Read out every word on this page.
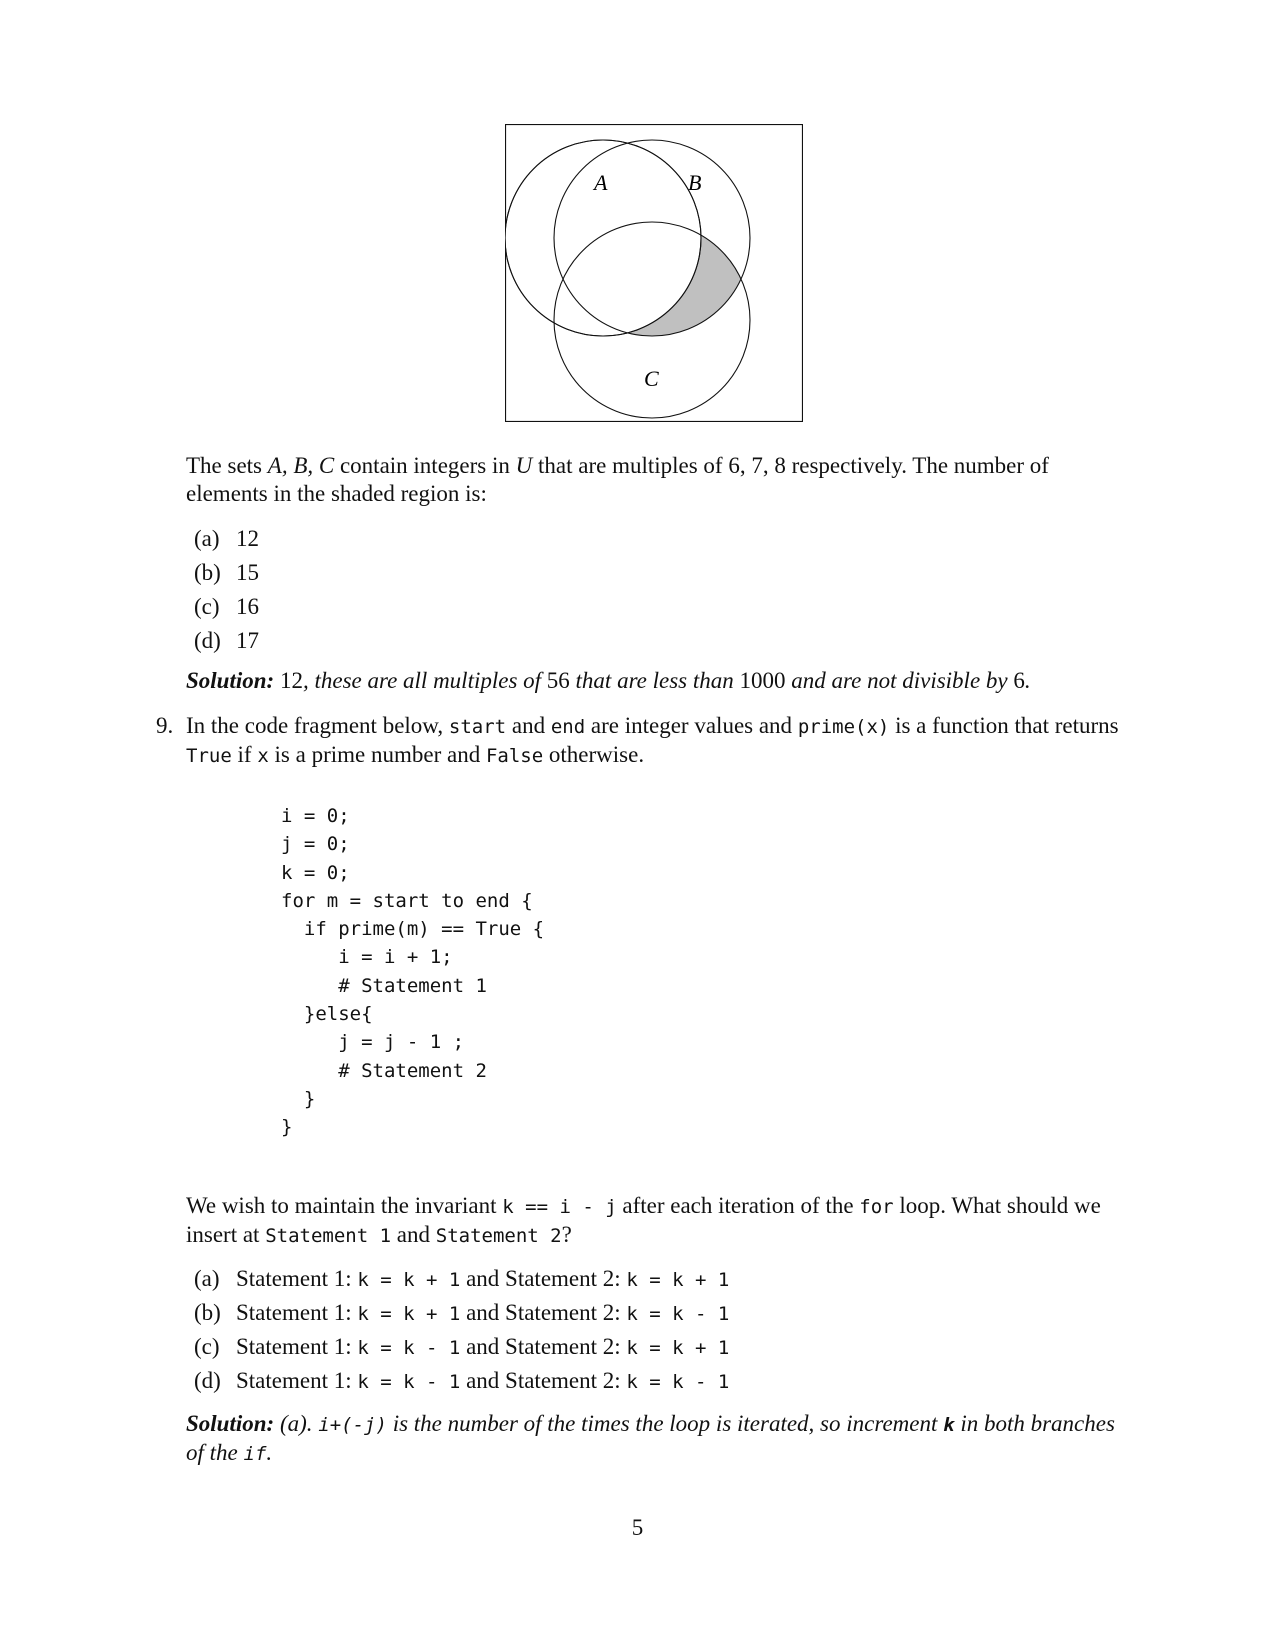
A	B
C
The sets A, B, C contain integers in U that are multiples of 6, 7, 8 respectively. The number of elements in the shaded region is:
(a) 12
(b) 15
(c) 16
(d) 17
Solution: 12, these are all multiples of 56 that are less than 1000 and are not divisible by 6.
9. In the code fragment below, start and end are integer values and prime(x) is a function that returns True if x is a prime number and False otherwise.
i = 0;
j = 0;
k = 0;
for m = start to end {
if prime(m) == True {
i = i + 1;
# Statement 1
}else{
j = j - 1 ;
# Statement 2
}
}
We wish to maintain the invariant k == i - j after each iteration of the for loop. What should we insert at Statement 1 and Statement 2?
(a) Statement 1: k = k + 1 and Statement 2: k = k + 1
(b) Statement 1: k = k + 1 and Statement 2: k = k - 1
(c) Statement 1: k = k - 1 and Statement 2: k = k + 1
(d) Statement 1: k = k - 1 and Statement 2: k = k - 1
Solution: (a). i+(-j) is the number of the times the loop is iterated, so increment k in both branches of the if.
5
